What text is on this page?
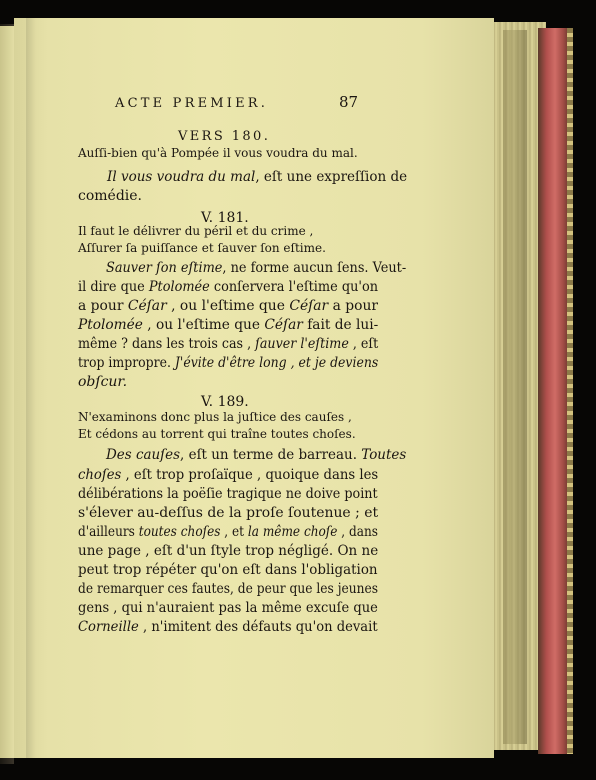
ACTE PREMIER.	87
VERS 180.
Auſſi-bien qu'à Pompée il vous voudra du mal.
Il vous voudra du mal, eſt une expreſſion de
comédie.
V. 181.
Il faut le délivrer du péril et du crime ,
Aſſurer ſa puiſſance et ſauver ſon eſtime.
Sauver ſon eſtime, ne forme aucun ſens. Veut-
il dire que Ptolomée conſervera l'eſtime qu'on
a pour Céſar , ou l'eſtime que Céſar a pour
Ptolomée , ou l'eſtime que Céſar fait de lui-
même ? dans les trois cas , ſauver l'eſtime , eſt
trop impropre. J'évite d'être long , et je deviens
obſcur.
V. 189.
N'examinons donc plus la juſtice des cauſes ,
Et cédons au torrent qui traîne toutes choſes.
Des cauſes, eſt un terme de barreau. Toutes
choſes , eſt trop proſaïque , quoique dans les
délibérations la poëſie tragique ne doive point
s'élever au-deſſus de la proſe ſoutenue ; et
d'ailleurs toutes choſes , et la même choſe , dans
une page , eſt d'un ſtyle trop négligé. On ne
peut trop répéter qu'on eſt dans l'obligation
de remarquer ces fautes, de peur que les jeunes
gens , qui n'auraient pas la même excuſe que
Corneille , n'imitent des défauts qu'on devait
